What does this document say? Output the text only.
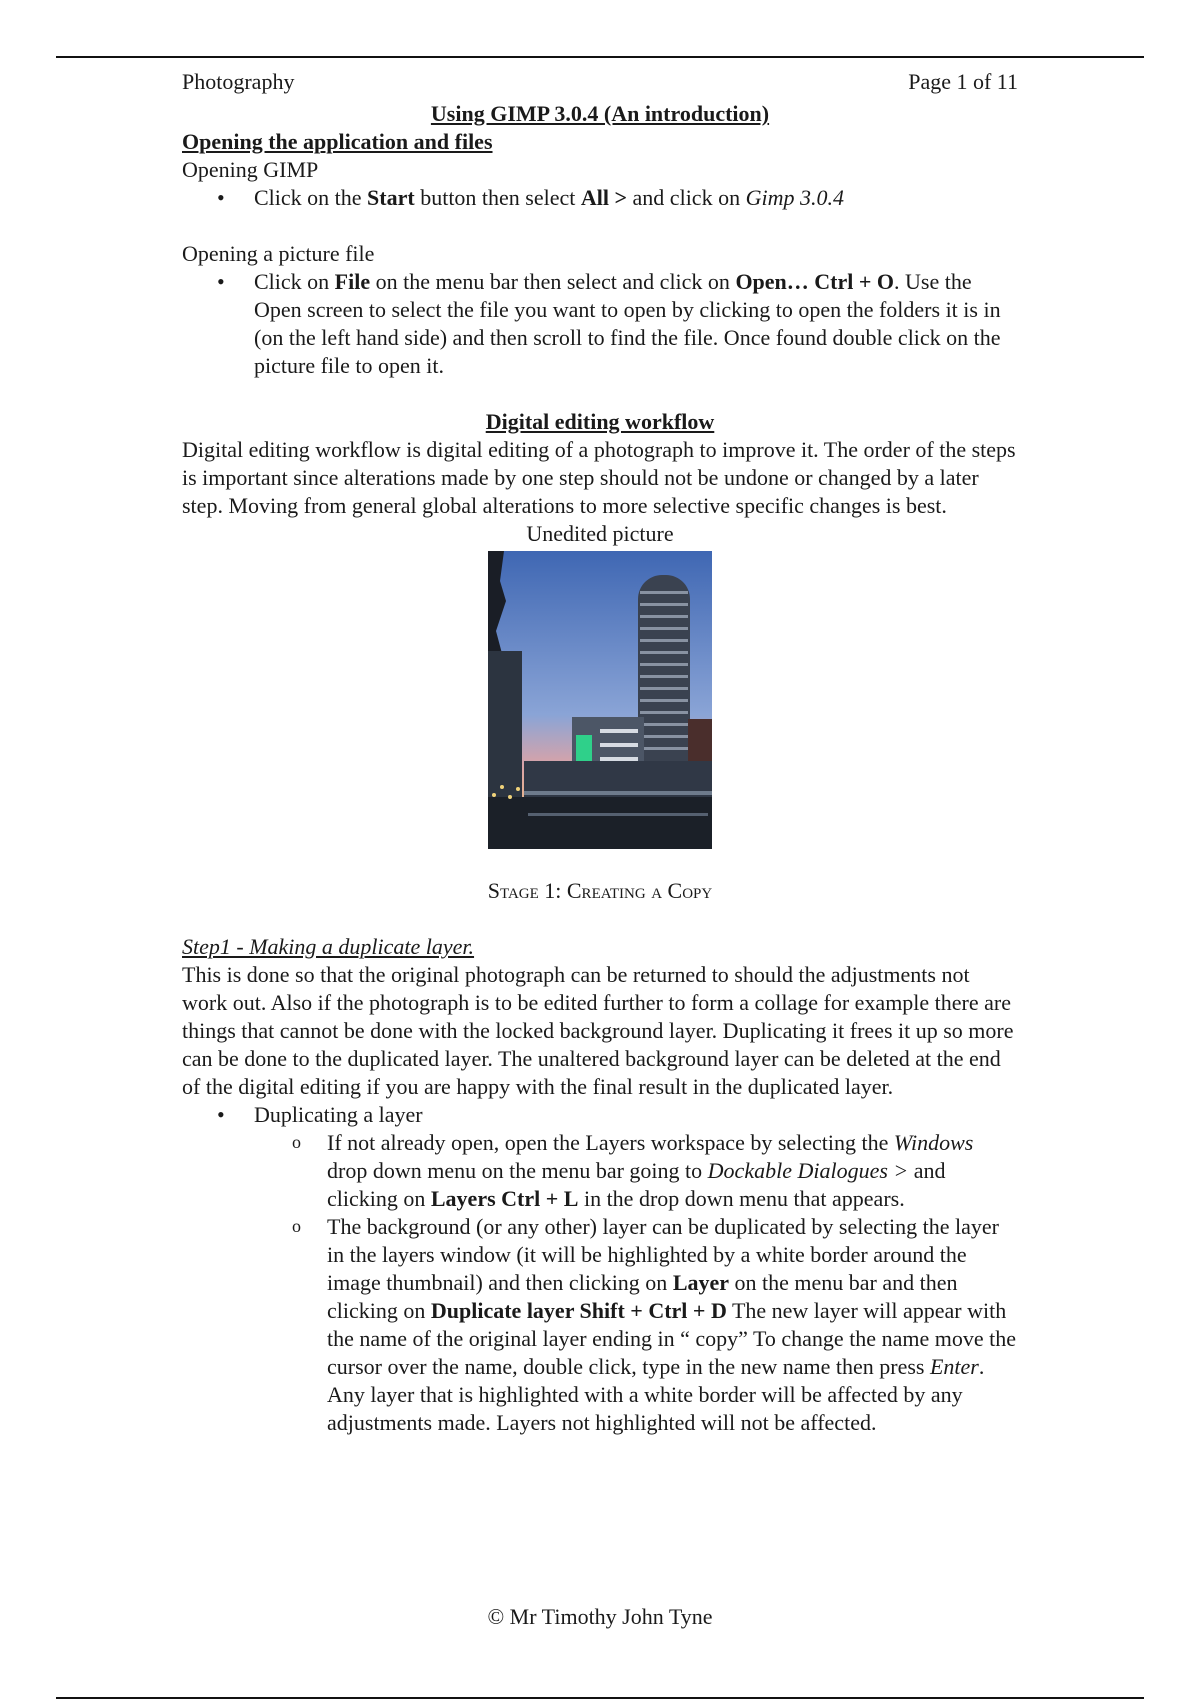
Photography	Page 1 of 11
Using GIMP 3.0.4 (An introduction)
Opening the application and files
Opening GIMP
• Click on the Start button then select All > and click on Gimp 3.0.4
Opening a picture file
• Click on File on the menu bar then select and click on Open… Ctrl + O. Use the Open screen to select the file you want to open by clicking to open the folders it is in (on the left hand side) and then scroll to find the file. Once found double click on the picture file to open it.
Digital editing workflow
Digital editing workflow is digital editing of a photograph to improve it. The order of the steps is important since alterations made by one step should not be undone or changed by a later step. Moving from general global alterations to more selective specific changes is best.
Unedited picture
Stage 1: Creating a Copy
Step1 - Making a duplicate layer.
This is done so that the original photograph can be returned to should the adjustments not work out. Also if the photograph is to be edited further to form a collage for example there are things that cannot be done with the locked background layer. Duplicating it frees it up so more can be done to the duplicated layer. The unaltered background layer can be deleted at the end of the digital editing if you are happy with the final result in the duplicated layer.
• Duplicating a layer
o If not already open, open the Layers workspace by selecting the Windows drop down menu on the menu bar going to Dockable Dialogues > and clicking on Layers Ctrl + L in the drop down menu that appears.
o The background (or any other) layer can be duplicated by selecting the layer in the layers window (it will be highlighted by a white border around the image thumbnail) and then clicking on Layer on the menu bar and then clicking on Duplicate layer Shift + Ctrl + D The new layer will appear with the name of the original layer ending in “ copy” To change the name move the cursor over the name, double click, type in the new name then press Enter. Any layer that is highlighted with a white border will be affected by any adjustments made. Layers not highlighted will not be affected.
© Mr Timothy John Tyne
